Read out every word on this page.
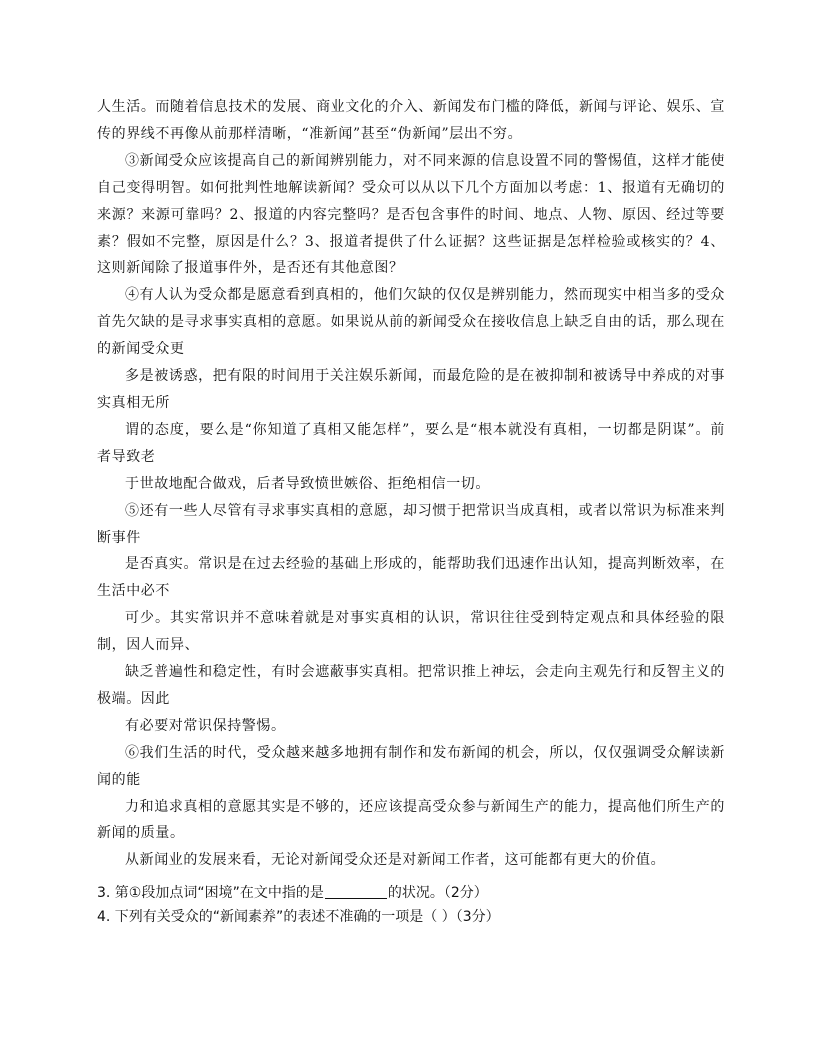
人生活。而随着信息技术的发展、商业文化的介入、新闻发布门槛的降低，新闻与评论、娱乐、宣传的界线不再像从前那样清晰，“准新闻”甚至“伪新闻”层出不穷。

③新闻受众应该提高自己的新闻辨别能力，对不同来源的信息设置不同的警惕值，这样才能使自己变得明智。如何批判性地解读新闻？受众可以从以下几个方面加以考虑：1、报道有无确切的来源？来源可靠吗？2、报道的内容完整吗？是否包含事件的时间、地点、人物、原因、经过等要素？假如不完整，原因是什么？3、报道者提供了什么证据？这些证据是怎样检验或核实的？4、这则新闻除了报道事件外，是否还有其他意图？

④有人认为受众都是愿意看到真相的，他们欠缺的仅仅是辨别能力，然而现实中相当多的受众首先欠缺的是寻求事实真相的意愿。如果说从前的新闻受众在接收信息上缺乏自由的话，那么现在的新闻受众更

多是被诱惑，把有限的时间用于关注娱乐新闻，而最危险的是在被抑制和被诱导中养成的对事实真相无所

谓的态度，要么是“你知道了真相又能怎样”，要么是“根本就没有真相，一切都是阴谋”。前者导致老

于世故地配合做戏，后者导致愤世嫉俗、拒绝相信一切。

⑤还有一些人尽管有寻求事实真相的意愿，却习惯于把常识当成真相，或者以常识为标准来判断事件

是否真实。常识是在过去经验的基础上形成的，能帮助我们迅速作出认知，提高判断效率，在生活中必不

可少。其实常识并不意味着就是对事实真相的认识，常识往往受到特定观点和具体经验的限制，因人而异、

缺乏普遍性和稳定性，有时会遮蔽事实真相。把常识推上神坛，会走向主观先行和反智主义的极端。因此

有必要对常识保持警惕。

⑥我们生活的时代，受众越来越多地拥有制作和发布新闻的机会，所以，仅仅强调受众解读新闻的能

力和追求真相的意愿其实是不够的，还应该提高受众参与新闻生产的能力，提高他们所生产的新闻的质量。

从新闻业的发展来看，无论对新闻受众还是对新闻工作者，这可能都有更大的价值。

3. 第①段加点词“困境”在文中指的是	的状况。（2分）

4. 下列有关受众的“新闻素养”的表述不准确的一项是（ ）（3分）
